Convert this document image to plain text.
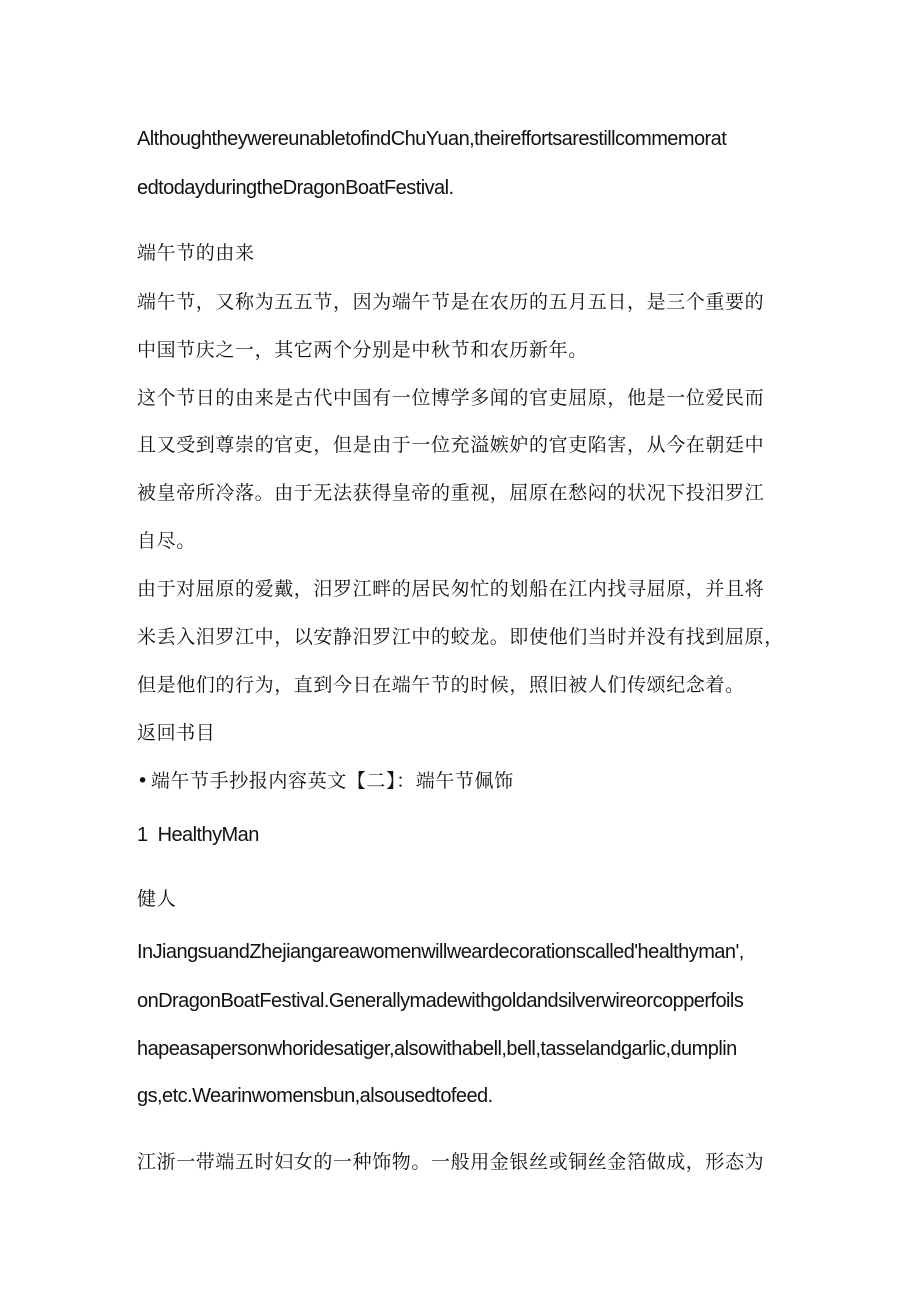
AlthoughtheywereunabletofindChuYuan,theireffortsarestillcommemorat
edtodayduringtheDragonBoatFestival.
端午节的由来
端午节，又称为五五节，因为端午节是在农历的五月五日，是三个重要的
中国节庆之一，其它两个分别是中秋节和农历新年。
这个节日的由来是古代中国有一位博学多闻的官吏屈原，他是一位爱民而
且又受到尊崇的官吏，但是由于一位充溢嫉妒的官吏陷害，从今在朝廷中
被皇帝所冷落。由于无法获得皇帝的重视，屈原在愁闷的状况下投汨罗江
自尽。
由于对屈原的爱戴，汨罗江畔的居民匆忙的划船在江内找寻屈原，并且将
米丢入汨罗江中，以安静汨罗江中的蛟龙。即使他们当时并没有找到屈原，
但是他们的行为，直到今日在端午节的时候，照旧被人们传颂纪念着。
返回书目
• 端午节手抄报内容英文【二】：端午节佩饰
1  HealthyMan
健人
InJiangsuandZhejiangareawomenwillweardecorationscalled'healthyman',
onDragonBoatFestival.Generallymadewithgoldandsilverwireorcopperfoils
hapeasapersonwhoridesatiger,alsowithabell,bell,tasselandgarlic,dumplin
gs,etc.Wearinwomensbun,alsousedtofeed.
江浙一带端五时妇女的一种饰物。一般用金银丝或铜丝金箔做成，形态为
